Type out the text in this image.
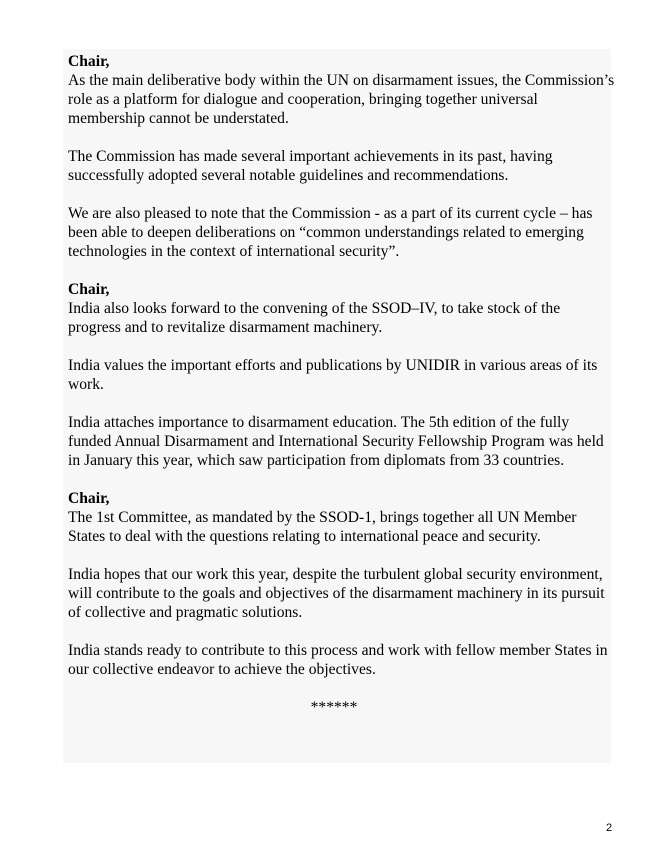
Chair,

As the main deliberative body within the UN on disarmament issues, the Commission’s role as a platform for dialogue and cooperation, bringing together universal membership cannot be understated.

The Commission has made several important achievements in its past, having successfully adopted several notable guidelines and recommendations.

We are also pleased to note that the Commission - as a part of its current cycle – has been able to deepen deliberations on “common understandings related to emerging technologies in the context of international security”.

Chair,

India also looks forward to the convening of the SSOD–IV, to take stock of the progress and to revitalize disarmament machinery.

India values the important efforts and publications by UNIDIR in various areas of its work.

India attaches importance to disarmament education. The 5th edition of the fully funded Annual Disarmament and International Security Fellowship Program was held in January this year, which saw participation from diplomats from 33 countries.

Chair,

The 1st Committee, as mandated by the SSOD-1, brings together all UN Member States to deal with the questions relating to international peace and security.

India hopes that our work this year, despite the turbulent global security environment, will contribute to the goals and objectives of the disarmament machinery in its pursuit of collective and pragmatic solutions.

India stands ready to contribute to this process and work with fellow member States in our collective endeavor to achieve the objectives.

******

2
